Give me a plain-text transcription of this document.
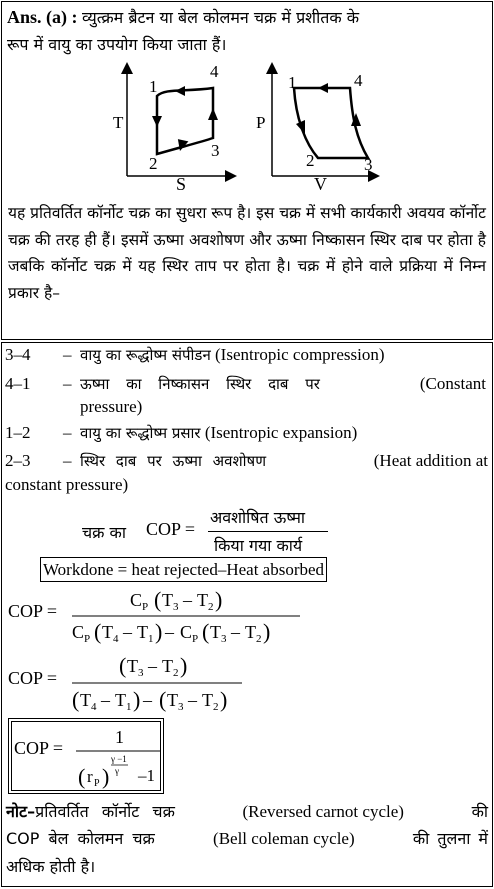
Ans. (a) : व्युत्क्रम ब्रैटन या बेल कोलमन चक्र में प्रशीतक के
रूप में वायु का उपयोग किया जाता हैं।
1
2
3
4
T
S
1
2	3
4
P
V
यह प्रतिवर्तित कॉर्नोट चक्र का सुधरा रूप है। इस चक्र में सभी कार्यकारी अवयव कॉर्नोट चक्र की तरह ही हैं। इसमें ऊष्मा अवशोषण और ऊष्मा निष्कासन स्थिर दाब पर होता है जबकि कॉर्नोट चक्र में यह स्थिर ताप पर होता है। चक्र में होने वाले प्रक्रिया में निम्न प्रकार है–
3–4 – वायु का रूद्धोष्म संपीडन (Isentropic compression)
4–1 – ऊष्मा का निष्कासन स्थिर दाब पर	(Constant
pressure)
1–2 – वायु का रूद्धोष्म प्रसार (Isentropic expansion)
2–3 – स्थिर दाब पर ऊष्मा अवशोषण	(Heat addition at
constant pressure)
चक्र का COP =
अवशोषित ऊष्मा
किया गया कार्य
Workdone = heat rejected–Heat absorbed
COP =
C P ( T 3 – T 2 )
C P ( T 4 – T 1 ) – C P ( T 3 – T 2 )
COP =	( T 3 – T 2 )
( T 4 – T 1 ) – ( T 3 – T 2 )
COP =
1
( r P )
γ −1
γ –1
नोट–प्रतिवर्तित कॉर्नोट चक्र	(Reversed carnot cycle)	की
COP बेल कोलमन चक्र	(Bell coleman cycle)	की तुलना में
अधिक होती है।
